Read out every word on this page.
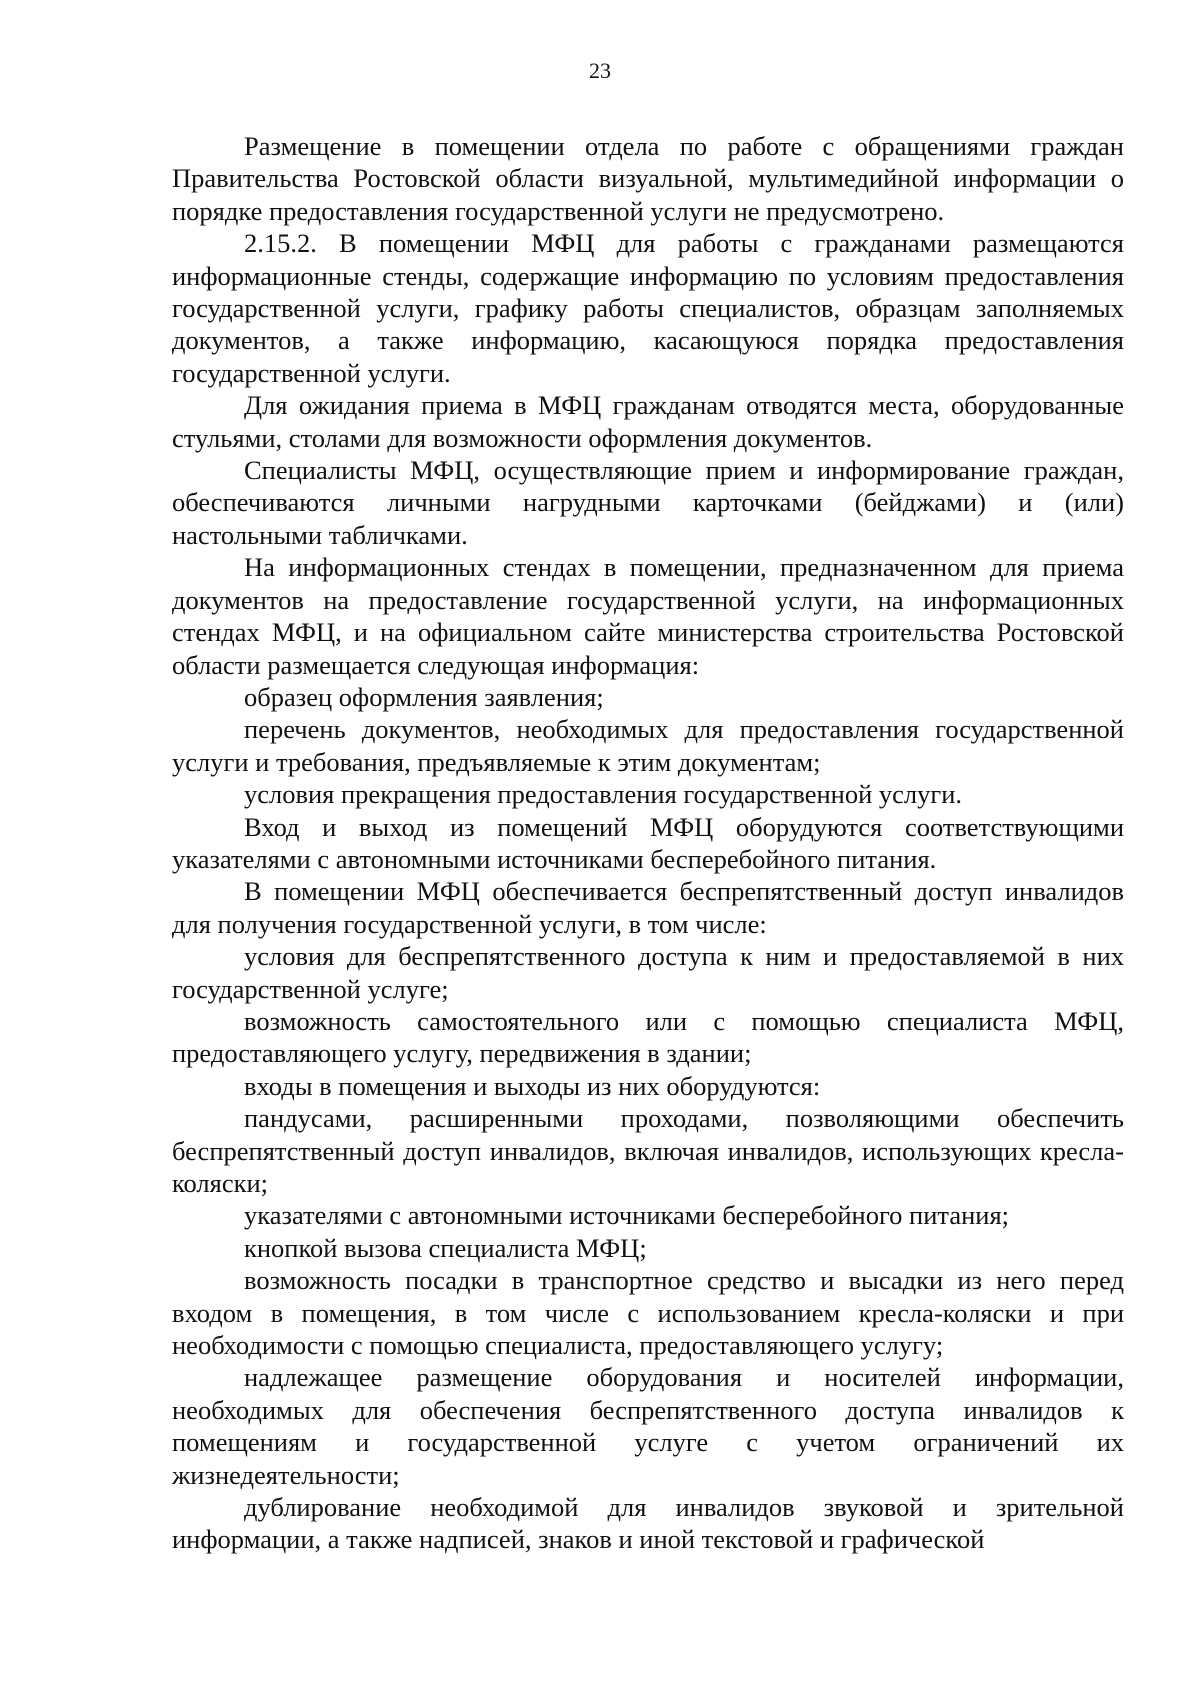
23

Размещение в помещении отдела по работе с обращениями граждан Правительства Ростовской области визуальной, мультимедийной информации о порядке предоставления государственной услуги не предусмотрено.

2.15.2. В помещении МФЦ для работы с гражданами размещаются информационные стенды, содержащие информацию по условиям предоставления государственной услуги, графику работы специалистов, образцам заполняемых документов, а также информацию, касающуюся порядка предоставления государственной услуги.

Для ожидания приема в МФЦ гражданам отводятся места, оборудованные стульями, столами для возможности оформления документов.

Специалисты МФЦ, осуществляющие прием и информирование граждан, обеспечиваются личными нагрудными карточками (бейджами) и (или) настольными табличками.

На информационных стендах в помещении, предназначенном для приема документов на предоставление государственной услуги, на информационных стендах МФЦ, и на официальном сайте министерства строительства Ростовской области размещается следующая информация:

образец оформления заявления;

перечень документов, необходимых для предоставления государственной услуги и требования, предъявляемые к этим документам;

условия прекращения предоставления государственной услуги.

Вход и выход из помещений МФЦ оборудуются соответствующими указателями с автономными источниками бесперебойного питания.

В помещении МФЦ обеспечивается беспрепятственный доступ инвалидов для получения государственной услуги, в том числе:

условия для беспрепятственного доступа к ним и предоставляемой в них государственной услуге;

возможность самостоятельного или с помощью специалиста МФЦ, предоставляющего услугу, передвижения в здании;

входы в помещения и выходы из них оборудуются:

пандусами, расширенными проходами, позволяющими обеспечить беспрепятственный доступ инвалидов, включая инвалидов, использующих кресла-коляски;

указателями с автономными источниками бесперебойного питания;

кнопкой вызова специалиста МФЦ;

возможность посадки в транспортное средство и высадки из него перед входом в помещения, в том числе с использованием кресла-коляски и при необходимости с помощью специалиста, предоставляющего услугу;

надлежащее размещение оборудования и носителей информации, необходимых для обеспечения беспрепятственного доступа инвалидов к помещениям и государственной услуге с учетом ограничений их жизнедеятельности;

дублирование необходимой для инвалидов звуковой и зрительной информации, а также надписей, знаков и иной текстовой и графической
